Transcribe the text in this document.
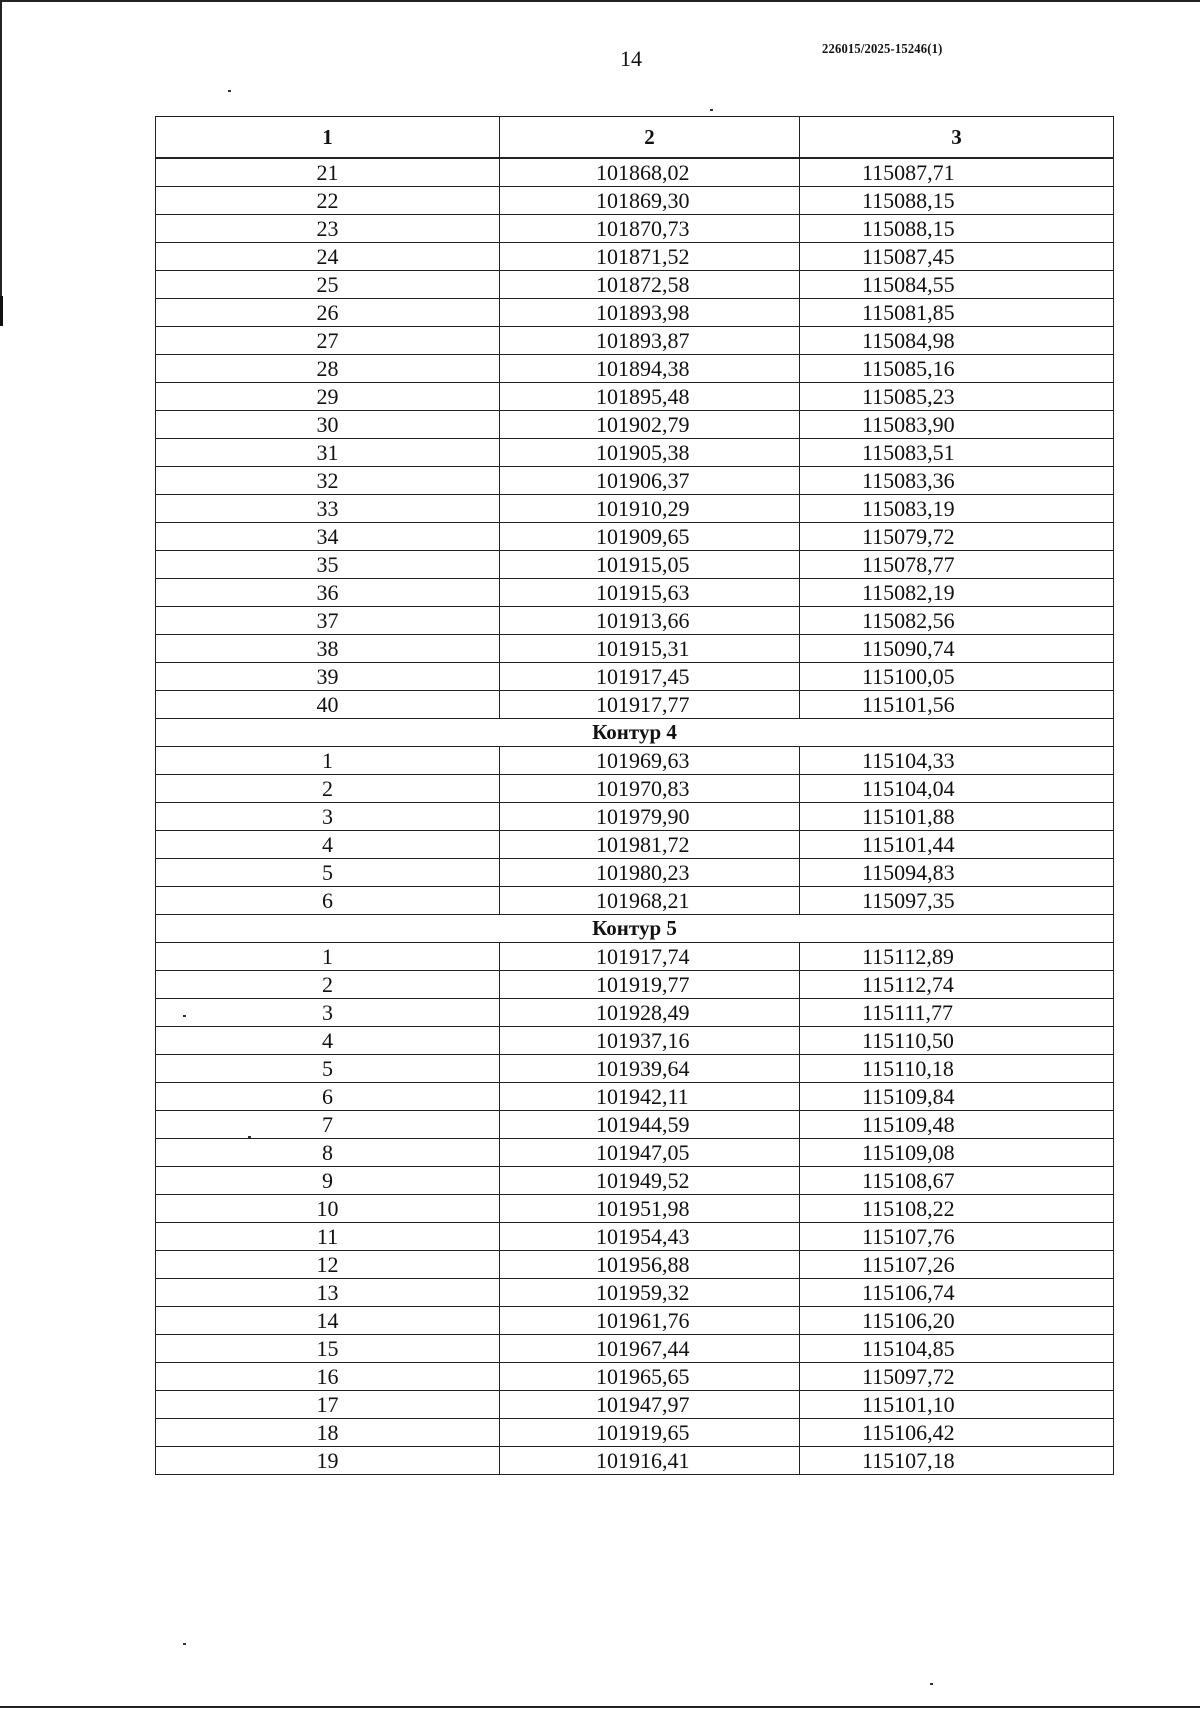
14	226015/2025-15246(1)
1	2	3
21	101868,02	115087,71
22	101869,30	115088,15
23	101870,73	115088,15
24	101871,52	115087,45
25	101872,58	115084,55
26	101893,98	115081,85
27	101893,87	115084,98
28	101894,38	115085,16
29	101895,48	115085,23
30	101902,79	115083,90
31	101905,38	115083,51
32	101906,37	115083,36
33	101910,29	115083,19
34	101909,65	115079,72
35	101915,05	115078,77
36	101915,63	115082,19
37	101913,66	115082,56
38	101915,31	115090,74
39	101917,45	115100,05
40	101917,77	115101,56
Контур 4		
1	101969,63	115104,33
2	101970,83	115104,04
3	101979,90	115101,88
4	101981,72	115101,44
5	101980,23	115094,83
6	101968,21	115097,35
Контур 5		
1	101917,74	115112,89
2	101919,77	115112,74
3	101928,49	115111,77
4	101937,16	115110,50
5	101939,64	115110,18
6	101942,11	115109,84
7	101944,59	115109,48
8	101947,05	115109,08
9	101949,52	115108,67
10	101951,98	115108,22
11	101954,43	115107,76
12	101956,88	115107,26
13	101959,32	115106,74
14	101961,76	115106,20
15	101967,44	115104,85
16	101965,65	115097,72
17	101947,97	115101,10
18	101919,65	115106,42
19	101916,41	115107,18
